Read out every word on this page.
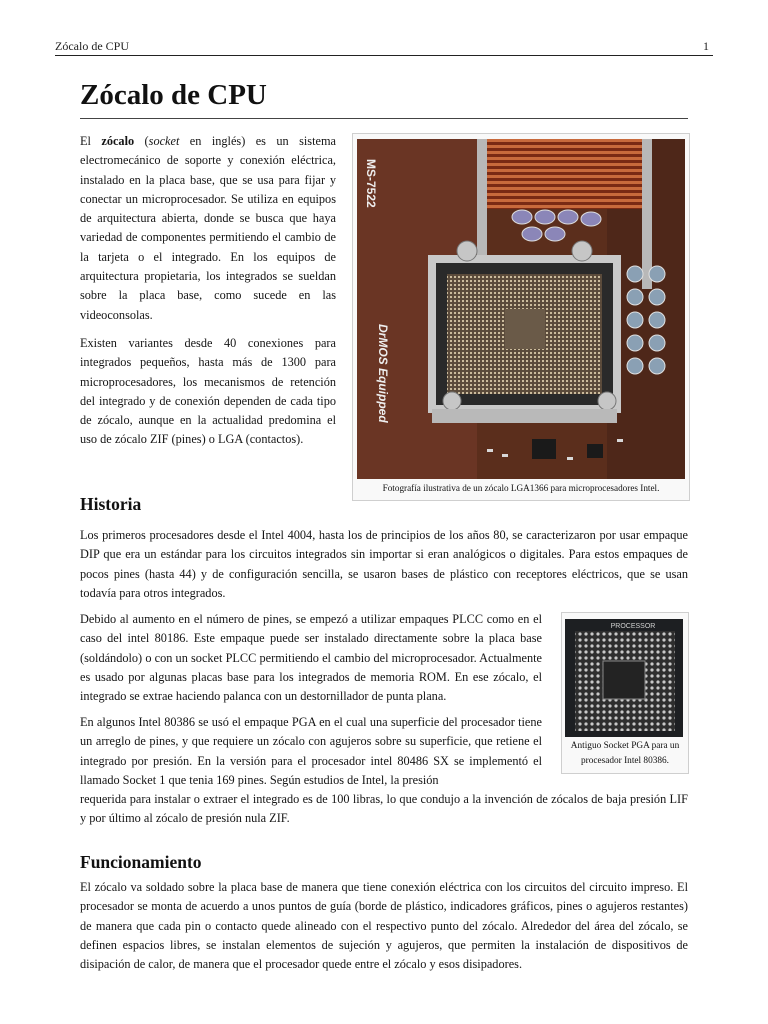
Zócalo de CPU	1
Zócalo de CPU

El zócalo (socket en inglés) es un sistema electromecánico de soporte y conexión eléctrica, instalado en la placa base, que se usa para fijar y conectar un microprocesador. Se utiliza en equipos de arquitectura abierta, donde se busca que haya variedad de componentes permitiendo el cambio de la tarjeta o el integrado. En los equipos de arquitectura propietaria, los integrados se sueldan sobre la placa base, como sucede en las videoconsolas.

Existen variantes desde 40 conexiones para integrados pequeños, hasta más de 1300 para microprocesadores, los mecanismos de retención del integrado y de conexión dependen de cada tipo de zócalo, aunque en la actualidad predomina el uso de zócalo ZIF (pines) o LGA (contactos).

MS-7522
DrMOS Equipped
Fotografía ilustrativa de un zócalo LGA1366 para microprocesadores Intel.
Historia

Los primeros procesadores desde el Intel 4004, hasta los de principios de los años 80, se caracterizaron por usar empaque DIP que era un estándar para los circuitos integrados sin importar si eran analógicos o digitales. Para estos empaques de pocos pines (hasta 44) y de configuración sencilla, se usaron bases de plástico con receptores eléctricos, que se usan todavía para otros integrados.

Debido al aumento en el número de pines, se empezó a utilizar empaques PLCC como en el caso del intel 80186. Este empaque puede ser instalado directamente sobre la placa base (soldándolo) o con un socket PLCC permitiendo el cambio del microprocesador. Actualmente es usado por algunas placas base para los integrados de memoria ROM. En ese zócalo, el integrado se extrae haciendo palanca con un destornillador de punta plana.

En algunos Intel 80386 se usó el empaque PGA en el cual una superficie del procesador tiene un arreglo de pines, y que requiere un zócalo con agujeros sobre su superficie, que retiene el integrado por presión. En la versión para el procesador intel 80486 SX se implementó el llamado Socket 1 que tenia 169 pines. Según estudios de Intel, la presión

requerida para instalar o extraer el integrado es de 100 libras, lo que condujo a la invención de zócalos de baja presión LIF y por último al zócalo de presión nula ZIF.

PROCESSOR
Antiguo Socket PGA para un procesador Intel 80386.
Funcionamiento

El zócalo va soldado sobre la placa base de manera que tiene conexión eléctrica con los circuitos del circuito impreso. El procesador se monta de acuerdo a unos puntos de guía (borde de plástico, indicadores gráficos, pines o agujeros restantes) de manera que cada pin o contacto quede alineado con el respectivo punto del zócalo. Alrededor del área del zócalo, se definen espacios libres, se instalan elementos de sujeción y agujeros, que permiten la instalación de dispositivos de disipación de calor, de manera que el procesador quede entre el zócalo y esos disipadores.
